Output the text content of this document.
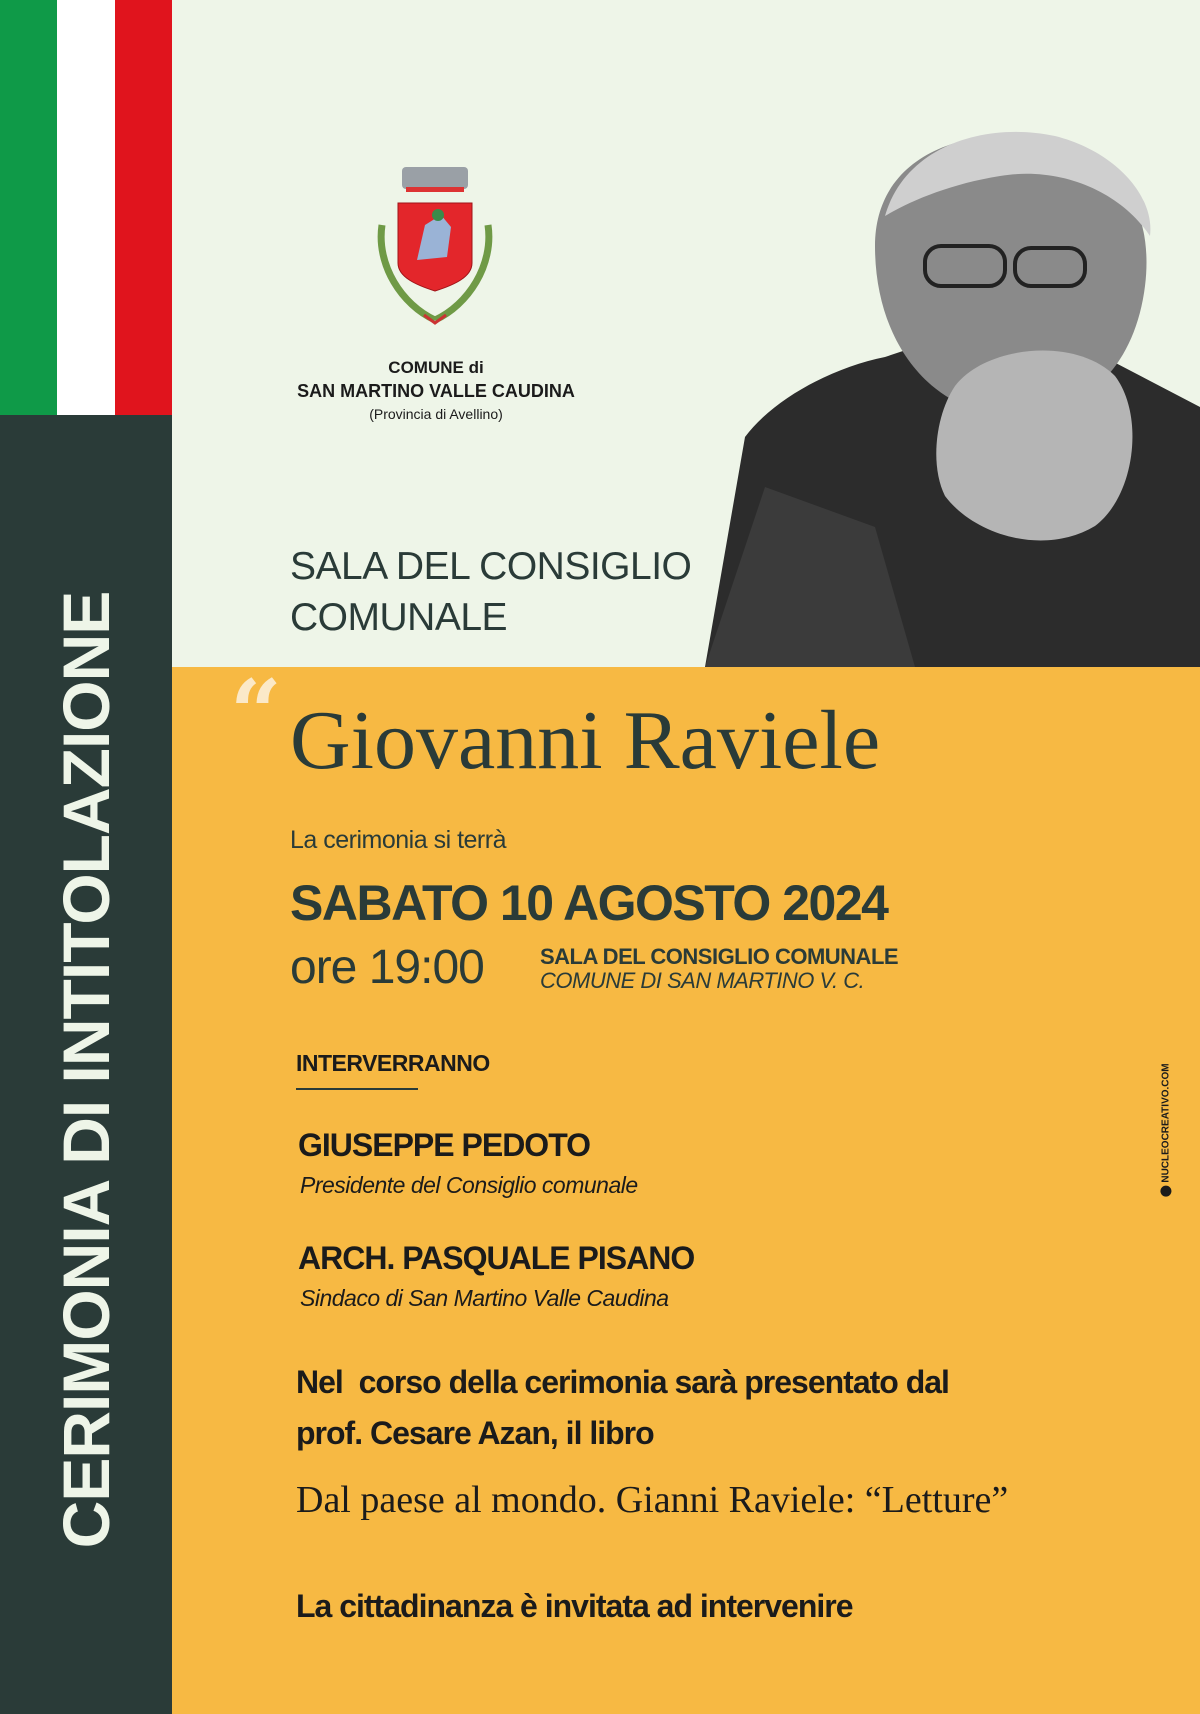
CERIMONIA DI INTITOLAZIONE
COMUNE di
SAN MARTINO VALLE CAUDINA
(Provincia di Avellino)
SALA DEL CONSIGLIO
COMUNALE
“ Giovanni Raviele
La cerimonia si terrà
SABATO 10 AGOSTO 2024
ore 19:00	SALA DEL CONSIGLIO COMUNALE
COMUNE DI SAN MARTINO V. C.
INTERVERRANNO
GIUSEPPE PEDOTO
Presidente del Consiglio comunale
ARCH. PASQUALE PISANO
Sindaco di San Martino Valle Caudina
Nel  corso della cerimonia sarà presentato dal
prof. Cesare Azan, il libro
Dal paese al mondo. Gianni Raviele: “Letture”
La cittadinanza è invitata ad intervenire
NUCLEOCREATIVO.COM
